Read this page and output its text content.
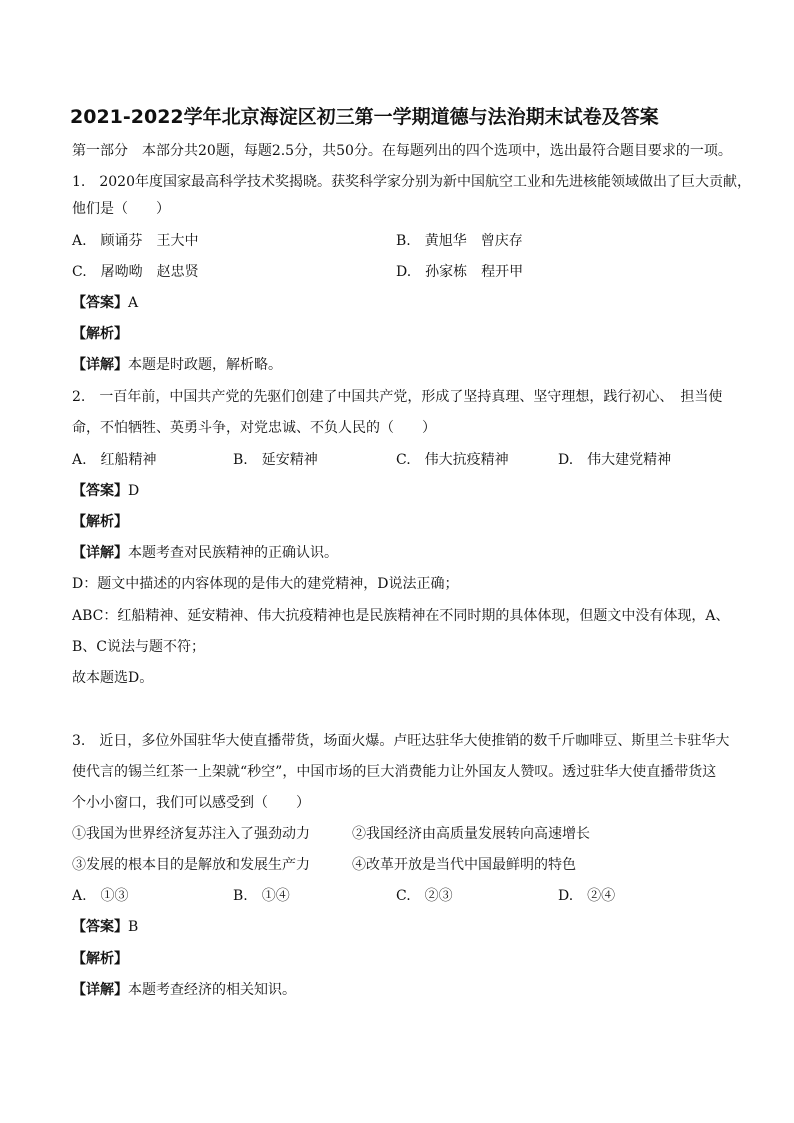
2021-2022学年北京海淀区初三第一学期道德与法治期末试卷及答案
第一部分　本部分共20题，每题2.5分，共50分。在每题列出的四个选项中，选出最符合题目要求的一项。
1.　2020年度国家最高科学技术奖揭晓。获奖科学家分别为新中国航空工业和先进核能领域做出了巨大贡献，
他们是（　　）
A.　顾诵芬　王大中	B.　黄旭华　曾庆存
C.　屠呦呦　赵忠贤	D.　孙家栋　程开甲
【答案】A
【解析】
【详解】本题是时政题，解析略。
2.　一百年前，中国共产党的先驱们创建了中国共产党，形成了坚持真理、坚守理想，践行初心、　担当使
命，不怕牺牲、英勇斗争，对党忠诚、不负人民的（　　）
A.　红船精神	B.　延安精神	C.　伟大抗疫精神	D.　伟大建党精神
【答案】D
【解析】
【详解】本题考查对民族精神的正确认识。
D：题文中描述的内容体现的是伟大的建党精神，D说法正确；
ABC：红船精神、延安精神、伟大抗疫精神也是民族精神在不同时期的具体体现，但题文中没有体现，A、
B、C说法与题不符；
故本题选D。
3.　近日，多位外国驻华大使直播带货，场面火爆。卢旺达驻华大使推销的数千斤咖啡豆、斯里兰卡驻华大
使代言的锡兰红茶一上架就“秒空”，中国市场的巨大消费能力让外国友人赞叹。透过驻华大使直播带货这
个小小窗口，我们可以感受到（　　）
①我国为世界经济复苏注入了强劲动力	②我国经济由高质量发展转向高速增长
③发展的根本目的是解放和发展生产力	④改革开放是当代中国最鲜明的特色
A.　①③	B.　①④	C.　②③	D.　②④
【答案】B
【解析】
【详解】本题考查经济的相关知识。
